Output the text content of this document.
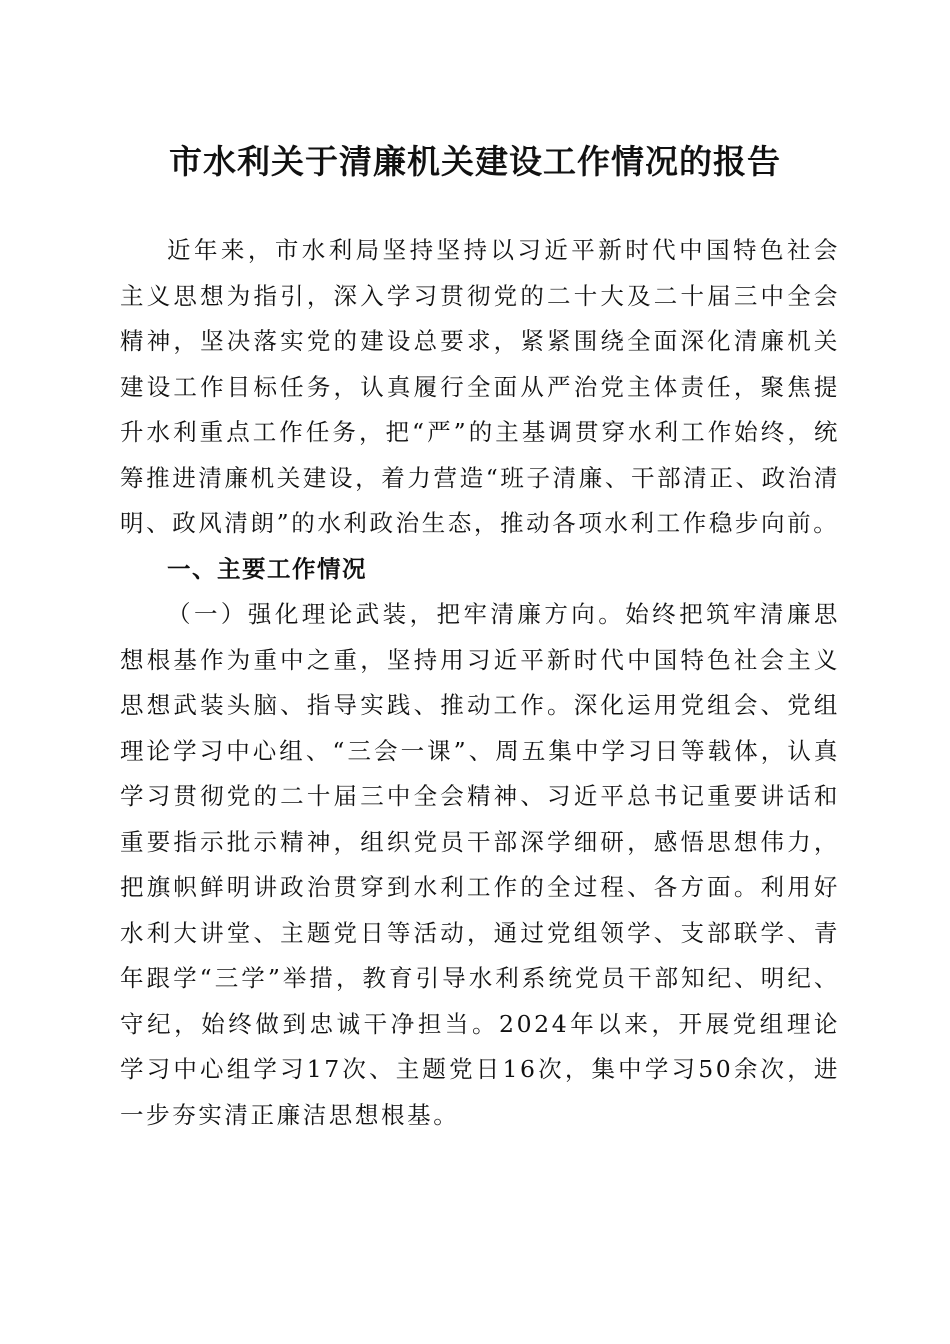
市水利关于清廉机关建设工作情况的报告

近年来，市水利局坚持坚持以习近平新时代中国特色社会主义思想为指引，深入学习贯彻党的二十大及二十届三中全会精神，坚决落实党的建设总要求，紧紧围绕全面深化清廉机关建设工作目标任务，认真履行全面从严治党主体责任，聚焦提升水利重点工作任务，把“严”的主基调贯穿水利工作始终，统筹推进清廉机关建设，着力营造“班子清廉、干部清正、政治清明、政风清朗”的水利政治生态，推动各项水利工作稳步向前。

一、主要工作情况

（一）强化理论武装，把牢清廉方向。始终把筑牢清廉思想根基作为重中之重，坚持用习近平新时代中国特色社会主义思想武装头脑、指导实践、推动工作。深化运用党组会、党组理论学习中心组、“三会一课”、周五集中学习日等载体，认真学习贯彻党的二十届三中全会精神、习近平总书记重要讲话和重要指示批示精神，组织党员干部深学细研，感悟思想伟力，把旗帜鲜明讲政治贯穿到水利工作的全过程、各方面。利用好水利大讲堂、主题党日等活动，通过党组领学、支部联学、青年跟学“三学”举措，教育引导水利系统党员干部知纪、明纪、守纪，始终做到忠诚干净担当。2024年以来，开展党组理论学习中心组学习17次、主题党日16次，集中学习50余次，进一步夯实清正廉洁思想根基。
